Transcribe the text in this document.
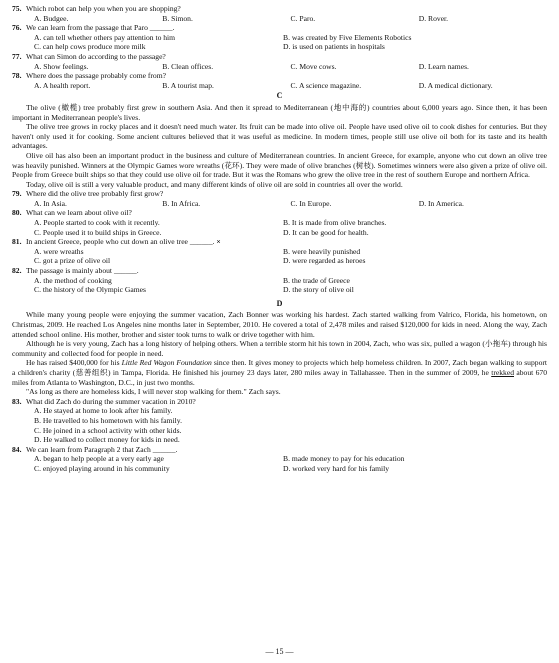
75. Which robot can help you when you are shopping?
A. Budgee.	B. Simon.	C. Paro.	D. Rover.
76. We can learn from the passage that Paro ______.
A. can tell whether others pay attention to him	B. was created by Five Elements Robotics
C. can help cows produce more milk	D. is used on patients in hospitals
77. What can Simon do according to the passage?
A. Show feelings.	B. Clean offices.	C. Move cows.	D. Learn names.
78. Where does the passage probably come from?
A. A health report.	B. A tourist map.	C. A science magazine.	D. A medical dictionary.
C

The olive (橄榄) tree probably first grew in southern Asia. And then it spread to Mediterranean (地中海的) countries about 6,000 years ago. Since then, it has been important in Mediterranean people's lives.

The olive tree grows in rocky places and it doesn't need much water. Its fruit can be made into olive oil. People have used olive oil to cook dishes for centuries. But they haven't only used it for cooking. Some ancient cultures believed that it was useful as medicine. In modern times, people still use olive oil both for its taste and its health advantages.

Olive oil has also been an important product in the business and culture of Mediterranean countries. In ancient Greece, for example, anyone who cut down an olive tree was heavily punished. Winners at the Olympic Games wore wreaths (花环). They were made of olive branches (树枝). Sometimes winners were also given a prize of olive oil. People from Greece built ships so that they could use olive oil for trade. But it was the Romans who grew the olive tree in the rest of southern Europe and northern Africa.

Today, olive oil is still a very valuable product, and many different kinds of olive oil are sold in countries all over the world.

79. Where did the olive tree probably first grow?
A. In Asia.	B. In Africa.	C. In Europe.	D. In America.
80. What can we learn about olive oil?
A. People started to cook with it recently.	B. It is made from olive branches.
C. People used it to build ships in Greece.	D. It can be good for health.
81. In ancient Greece, people who cut down an olive tree ______. ×
A. were wreaths	B. were heavily punished
C. got a prize of olive oil	D. were regarded as heroes
82. The passage is mainly about ______.
A. the method of cooking	B. the trade of Greece
C. the history of the Olympic Games	D. the story of olive oil
D

While many young people were enjoying the summer vacation, Zach Bonner was working his hardest. Zach started walking from Valrico, Florida, his hometown, on Christmas, 2009. He reached Los Angeles nine months later in September, 2010. He covered a total of 2,478 miles and raised $120,000 for kids in need. Along the way, Zach attended school online. His mother, brother and sister took turns to walk or drive together with him.

Although he is very young, Zach has a long history of helping others. When a terrible storm hit his town in 2004, Zach, who was six, pulled a wagon (小拖车) through his community and collected food for people in need.

He has raised $400,000 for his Little Red Wagon Foundation since then. It gives money to projects which help homeless children. In 2007, Zach began walking to support a children's charity (慈善组织) in Tampa, Florida. He finished his journey 23 days later, 280 miles away in Tallahassee. Then in the summer of 2009, he trekked about 670 miles from Atlanta to Washington, D.C., in just two months.

"As long as there are homeless kids, I will never stop walking for them." Zach says.

83. What did Zach do during the summer vacation in 2010?
A. He stayed at home to look after his family.
B. He travelled to his hometown with his family.
C. He joined in a school activity with other kids.
D. He walked to collect money for kids in need.
84. We can learn from Paragraph 2 that Zach ______.
A. began to help people at a very early age	B. made money to pay for his education
C. enjoyed playing around in his community	D. worked very hard for his family
— 15 —
